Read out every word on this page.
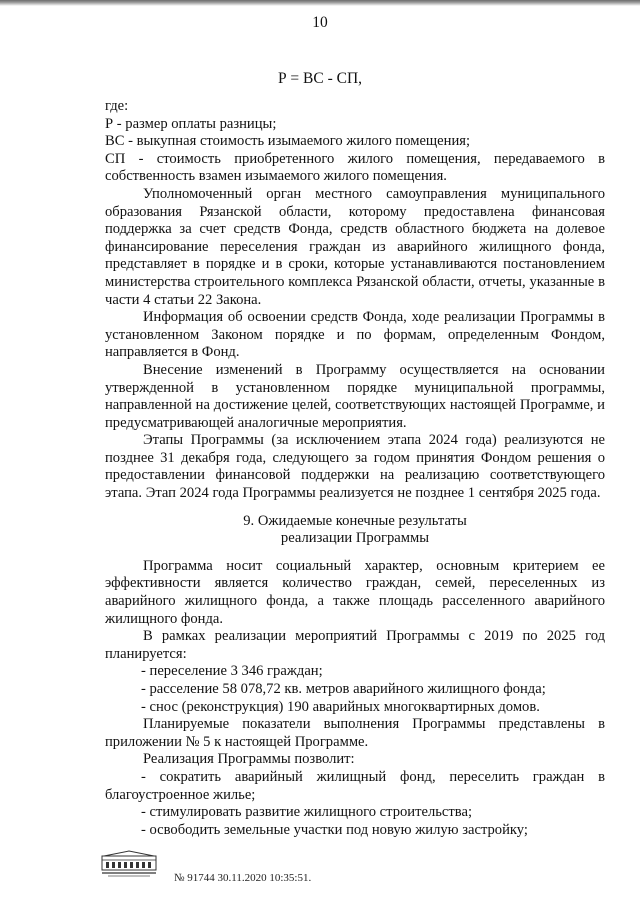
10
Р = ВС - СП,

где:

Р - размер оплаты разницы;

ВС - выкупная стоимость изымаемого жилого помещения;

СП - стоимость приобретенного жилого помещения, передаваемого в собственность взамен изымаемого жилого помещения.

Уполномоченный орган местного самоуправления муниципального образования Рязанской области, которому предоставлена финансовая поддержка за счет средств Фонда, средств областного бюджета на долевое финансирование переселения граждан из аварийного жилищного фонда, представляет в порядке и в сроки, которые устанавливаются постановлением министерства строительного комплекса Рязанской области, отчеты, указанные в части 4 статьи 22 Закона.

Информация об освоении средств Фонда, ходе реализации Программы в установленном Законом порядке и по формам, определенным Фондом, направляется в Фонд.

Внесение изменений в Программу осуществляется на основании утвержденной в установленном порядке муниципальной программы, направленной на достижение целей, соответствующих настоящей Программе, и предусматривающей аналогичные мероприятия.

Этапы Программы (за исключением этапа 2024 года) реализуются не позднее 31 декабря года, следующего за годом принятия Фондом решения о предоставлении финансовой поддержки на реализацию соответствующего этапа. Этап 2024 года Программы реализуется не позднее 1 сентября 2025 года.

9. Ожидаемые конечные результаты

реализации Программы

Программа носит социальный характер, основным критерием ее эффективности является количество граждан, семей, переселенных из аварийного жилищного фонда, а также площадь расселенного аварийного жилищного фонда.

В рамках реализации мероприятий Программы с 2019 по 2025 год планируется:

- переселение 3 346 граждан;

- расселение 58 078,72 кв. метров аварийного жилищного фонда;

- снос (реконструкция) 190 аварийных многоквартирных домов.

Планируемые показатели выполнения Программы представлены в приложении № 5 к настоящей Программе.

Реализация Программы позволит:

- сократить аварийный жилищный фонд, переселить граждан в благоустроенное жилье;

- стимулировать развитие жилищного строительства;

- освободить земельные участки под новую жилую застройку;

№ 91744 30.11.2020 10:35:51.
